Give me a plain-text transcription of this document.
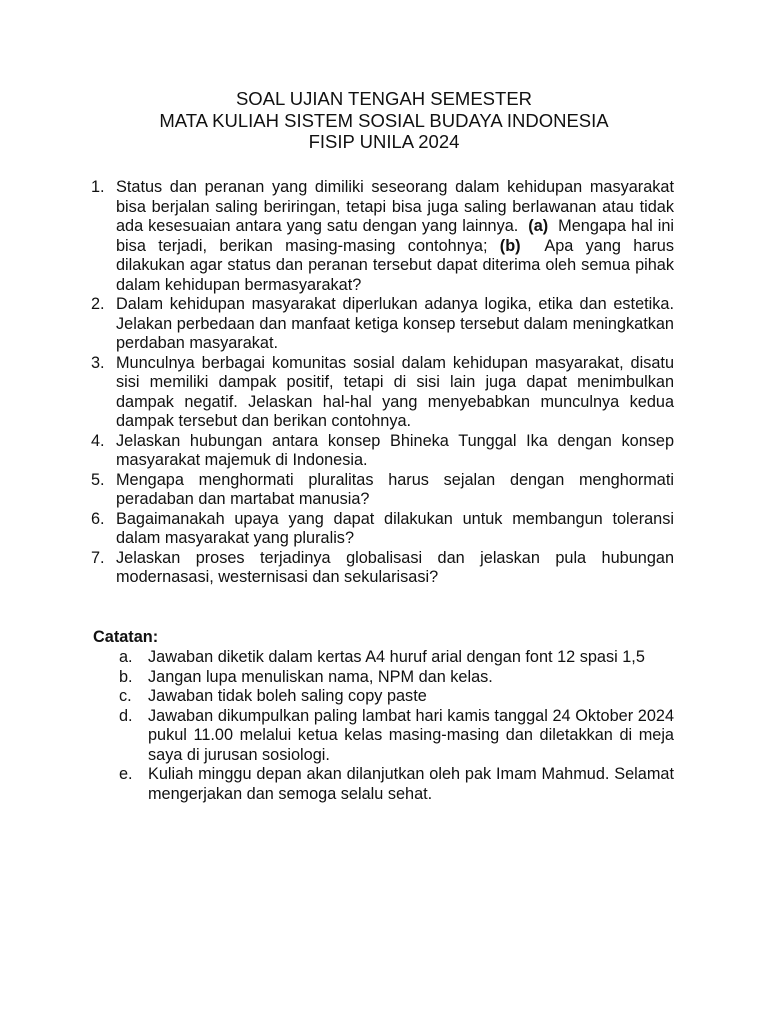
SOAL UJIAN TENGAH SEMESTER
MATA KULIAH SISTEM SOSIAL BUDAYA INDONESIA
FISIP UNILA 2024
1. Status dan peranan yang dimiliki seseorang dalam kehidupan masyarakat bisa berjalan saling beriringan, tetapi bisa juga saling berlawanan atau tidak ada kesesuaian antara yang satu dengan yang lainnya. (a) Mengapa hal ini bisa terjadi, berikan masing-masing contohnya; (b) Apa yang harus dilakukan agar status dan peranan tersebut dapat diterima oleh semua pihak dalam kehidupan bermasyarakat?
2. Dalam kehidupan masyarakat diperlukan adanya logika, etika dan estetika. Jelakan perbedaan dan manfaat ketiga konsep tersebut dalam meningkatkan perdaban masyarakat.
3. Munculnya berbagai komunitas sosial dalam kehidupan masyarakat, disatu sisi memiliki dampak positif, tetapi di sisi lain juga dapat menimbulkan dampak negatif. Jelaskan hal-hal yang menyebabkan munculnya kedua dampak tersebut dan berikan contohnya.
4. Jelaskan hubungan antara konsep Bhineka Tunggal Ika dengan konsep masyarakat majemuk di Indonesia.
5. Mengapa menghormati pluralitas harus sejalan dengan menghormati peradaban dan martabat manusia?
6. Bagaimanakah upaya yang dapat dilakukan untuk membangun toleransi dalam masyarakat yang pluralis?
7. Jelaskan proses terjadinya globalisasi dan jelaskan pula hubungan modernasasi, westernisasi dan sekularisasi?
Catatan:
a. Jawaban diketik dalam kertas A4 huruf arial dengan font 12 spasi 1,5
b. Jangan lupa menuliskan nama, NPM dan kelas.
c. Jawaban tidak boleh saling copy paste
d. Jawaban dikumpulkan paling lambat hari kamis tanggal 24 Oktober 2024 pukul 11.00 melalui ketua kelas masing-masing dan diletakkan di meja saya di jurusan sosiologi.
e. Kuliah minggu depan akan dilanjutkan oleh pak Imam Mahmud. Selamat mengerjakan dan semoga selalu sehat.
